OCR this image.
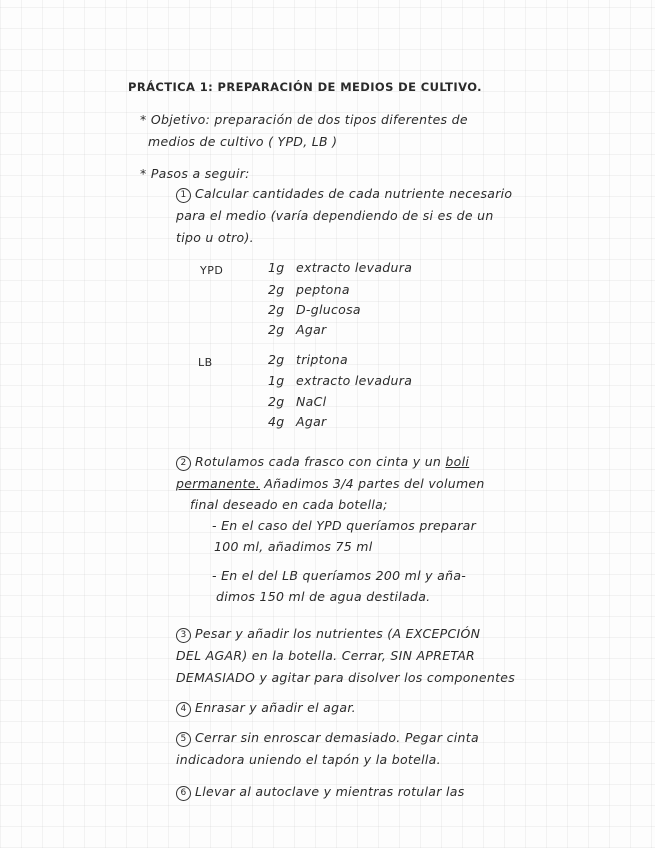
PRÁCTICA 1: PREPARACIÓN DE MEDIOS DE CULTIVO.
* Objetivo: preparación de dos tipos diferentes de
medios de cultivo ( YPD, LB )
* Pasos a seguir:
1 Calcular cantidades de cada nutriente necesario
para el medio (varía dependiendo de si es de un
tipo u otro).
YPD	1g extracto levadura
2g peptona
2g D-glucosa
2g Agar
LB	2g triptona
1g extracto levadura
2g NaCl
4g Agar
2 Rotulamos cada frasco con cinta y un boli
permanente. Añadimos 3/4 partes del volumen
final deseado en cada botella;
- En el caso del YPD queríamos preparar
100 ml, añadimos 75 ml
- En el del LB queríamos 200 ml y aña-
dimos 150 ml de agua destilada.
3 Pesar y añadir los nutrientes (A EXCEPCIÓN
DEL AGAR) en la botella. Cerrar, SIN APRETAR
DEMASIADO y agitar para disolver los componentes
4 Enrasar y añadir el agar.
5 Cerrar sin enroscar demasiado. Pegar cinta
indicadora uniendo el tapón y la botella.
6 Llevar al autoclave y mientras rotular las
